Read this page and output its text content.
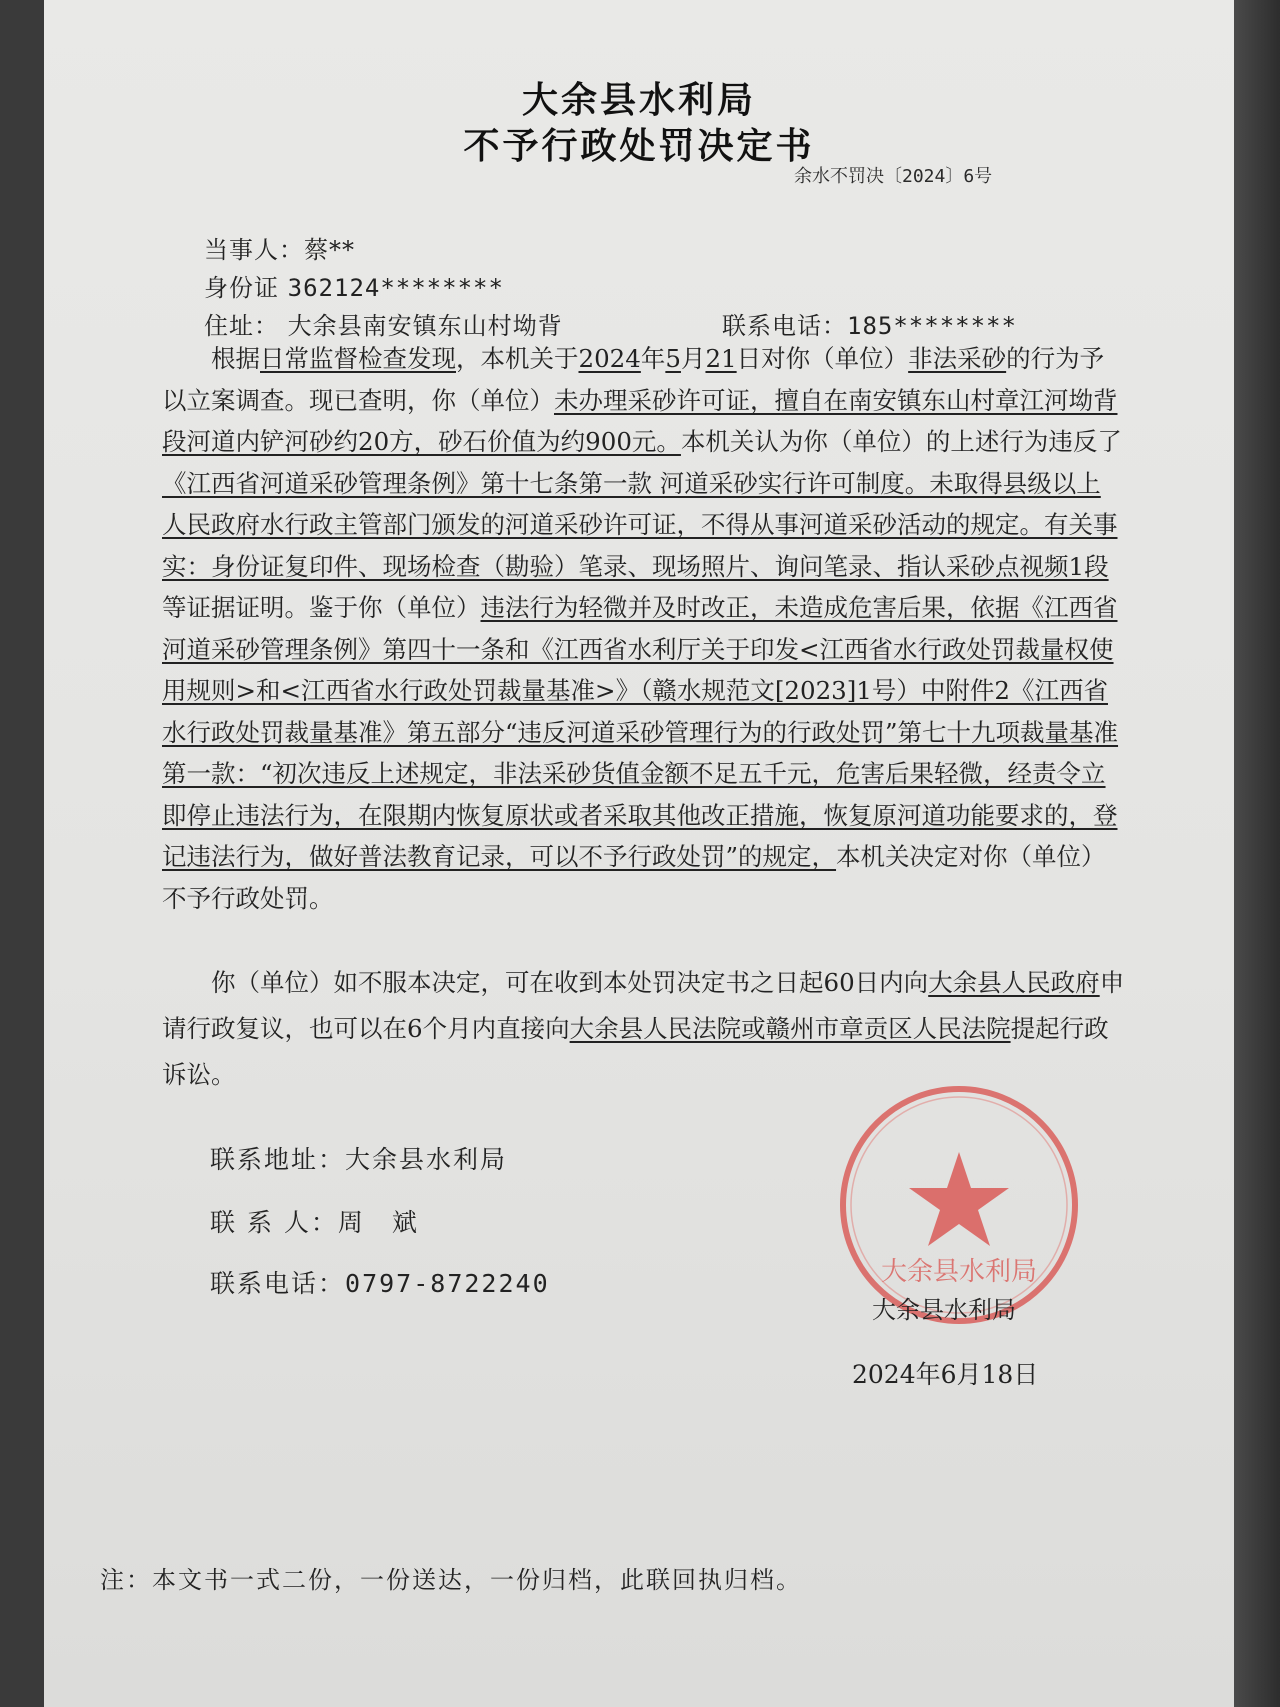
大余县水利局
不予行政处罚决定书
余水不罚决〔2024〕6号
当事人：蔡**
身份证 362124********
住址： 大余县南安镇东山村坳背	联系电话：185********

根据日常监督检查发现，本机关于2024年5月21日对你（单位）非法采砂的行为予以立案调查。现已查明，你（单位）未办理采砂许可证，擅自在南安镇东山村章江河坳背段河道内铲河砂约20方，砂石价值为约900元。本机关认为你（单位）的上述行为违反了《江西省河道采砂管理条例》第十七条第一款 河道采砂实行许可制度。未取得县级以上人民政府水行政主管部门颁发的河道采砂许可证，不得从事河道采砂活动的规定。有关事实：身份证复印件、现场检查（勘验）笔录、现场照片、询问笔录、指认采砂点视频1段等证据证明。鉴于你（单位）违法行为轻微并及时改正，未造成危害后果，依据《江西省河道采砂管理条例》第四十一条和《江西省水利厅关于印发<江西省水行政处罚裁量权使用规则>和<江西省水行政处罚裁量基准>》（赣水规范文[2023]1号）中附件2《江西省水行政处罚裁量基准》第五部分“违反河道采砂管理行为的行政处罚”第七十九项裁量基准第一款：“初次违反上述规定，非法采砂货值金额不足五千元，危害后果轻微，经责令立即停止违法行为，在限期内恢复原状或者采取其他改正措施，恢复原河道功能要求的，登记违法行为，做好普法教育记录，可以不予行政处罚”的规定，本机关决定对你（单位）不予行政处罚。

你（单位）如不服本决定，可在收到本处罚决定书之日起60日内向大余县人民政府申请行政复议，也可以在6个月内直接向大余县人民法院或赣州市章贡区人民法院提起行政诉讼。
联系地址：大余县水利局
联 系 人：周　斌
联系电话：0797-8722240	大余县水利局
大余县水利局
2024年6月18日
注：本文书一式二份，一份送达，一份归档，此联回执归档。
